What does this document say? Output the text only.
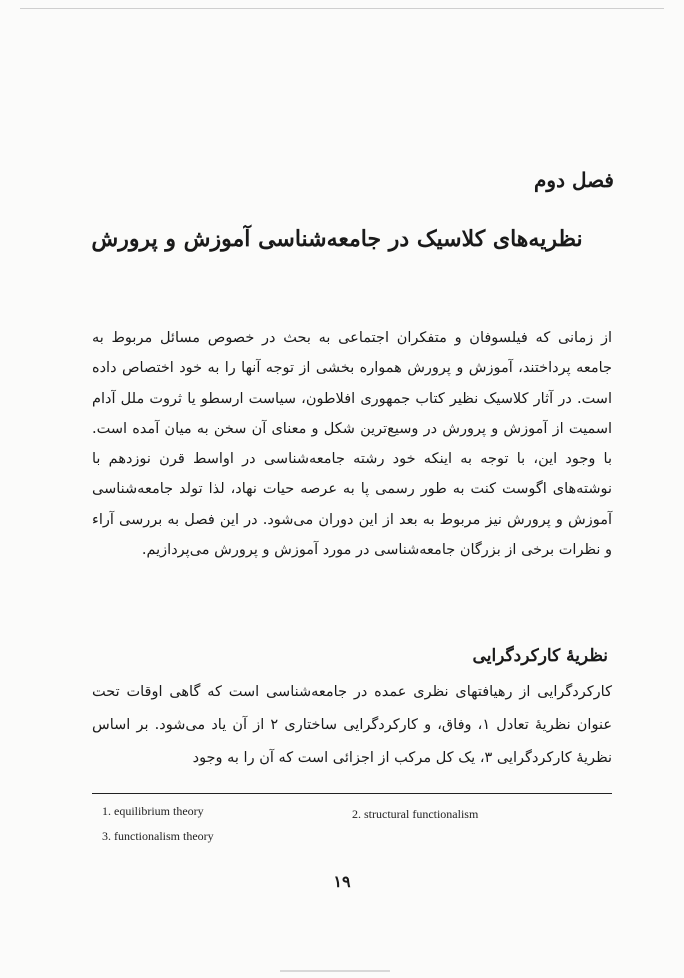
فصل دوم
نظریه‌های کلاسیک در جامعه‌شناسی آموزش و پرورش

از زمانی که فیلسوفان و متفکران اجتماعی به بحث در خصوص مسائل مربوط به جامعه پرداختند، آموزش و پرورش همواره بخشی از توجه آنها را به خود اختصاص داده است. در آثار کلاسیک نظیر کتاب جمهوری افلاطون، سیاست ارسطو یا ثروت ملل آدام اسمیت از آموزش و پرورش در وسیع‌ترین شکل و معنای آن سخن به میان آمده است. با وجود این، با توجه به اینکه خود رشته جامعه‌شناسی در اواسط قرن نوزدهم با نوشته‌های اگوست کنت به طور رسمی پا به عرصه حیات نهاد، لذا تولد جامعه‌شناسی آموزش و پرورش نیز مربوط به بعد از این دوران می‌شود. در این فصل به بررسی آراء و نظرات برخی از بزرگان جامعه‌شناسی در مورد آموزش و پرورش می‌پردازیم.

نظریهٔ کارکردگرایی

کارکردگرایی از رهیافتهای نظری عمده در جامعه‌شناسی است که گاهی اوقات تحت عنوان نظریهٔ تعادل ۱، وفاق، و کارکردگرایی ساختاری ۲ از آن یاد می‌شود. بر اساس نظریهٔ کارکردگرایی ۳، یک کل مرکب از اجزائی است که آن را به وجود

1. equilibrium theory	2. structural functionalism
3. functionalism theory
۱۹
